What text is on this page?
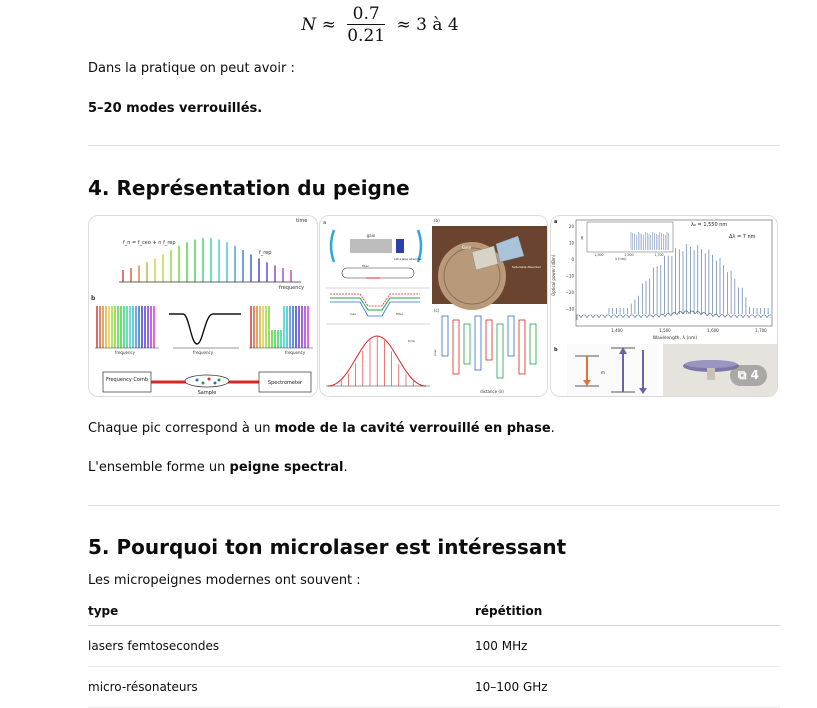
$N \approx \frac{0.7}{0.21} \approx 3$ à 4
Dans la pratique on peut avoir :
5–20 modes verrouillés.
4. Représentation du peigne
Chaque pic correspond à un mode de la cavité verrouillé en phase.
L'ensemble forme un peigne spectral.
5. Pourquoi ton microlaser est intéressant
Les micropeignes modernes ont souvent :
time
f_n = f_ceo + n f_rep
f_rep
frequency
b
frequency	frequency	frequency
Frequency Comb
Sample
Spectrometer
a
gain
saturable absorber
fiber
loss	filter
time
(b)
Gain
Saturable Absorber
(c)
distance (λ)
ener
a
Optical power (dBm)
20
10
0
−10
−20
−30
1,300	1,500	1,700
λ (nm)
dB
λ₀ = 1,550 nm
Δλ = 7 nm
1,400	1,500	1,600	1,700
Wavelength, λ (nm)
b
m	⧉ 4
type	répétition
lasers femtosecondes	100 MHz
micro-résonateurs	10–100 GHz
